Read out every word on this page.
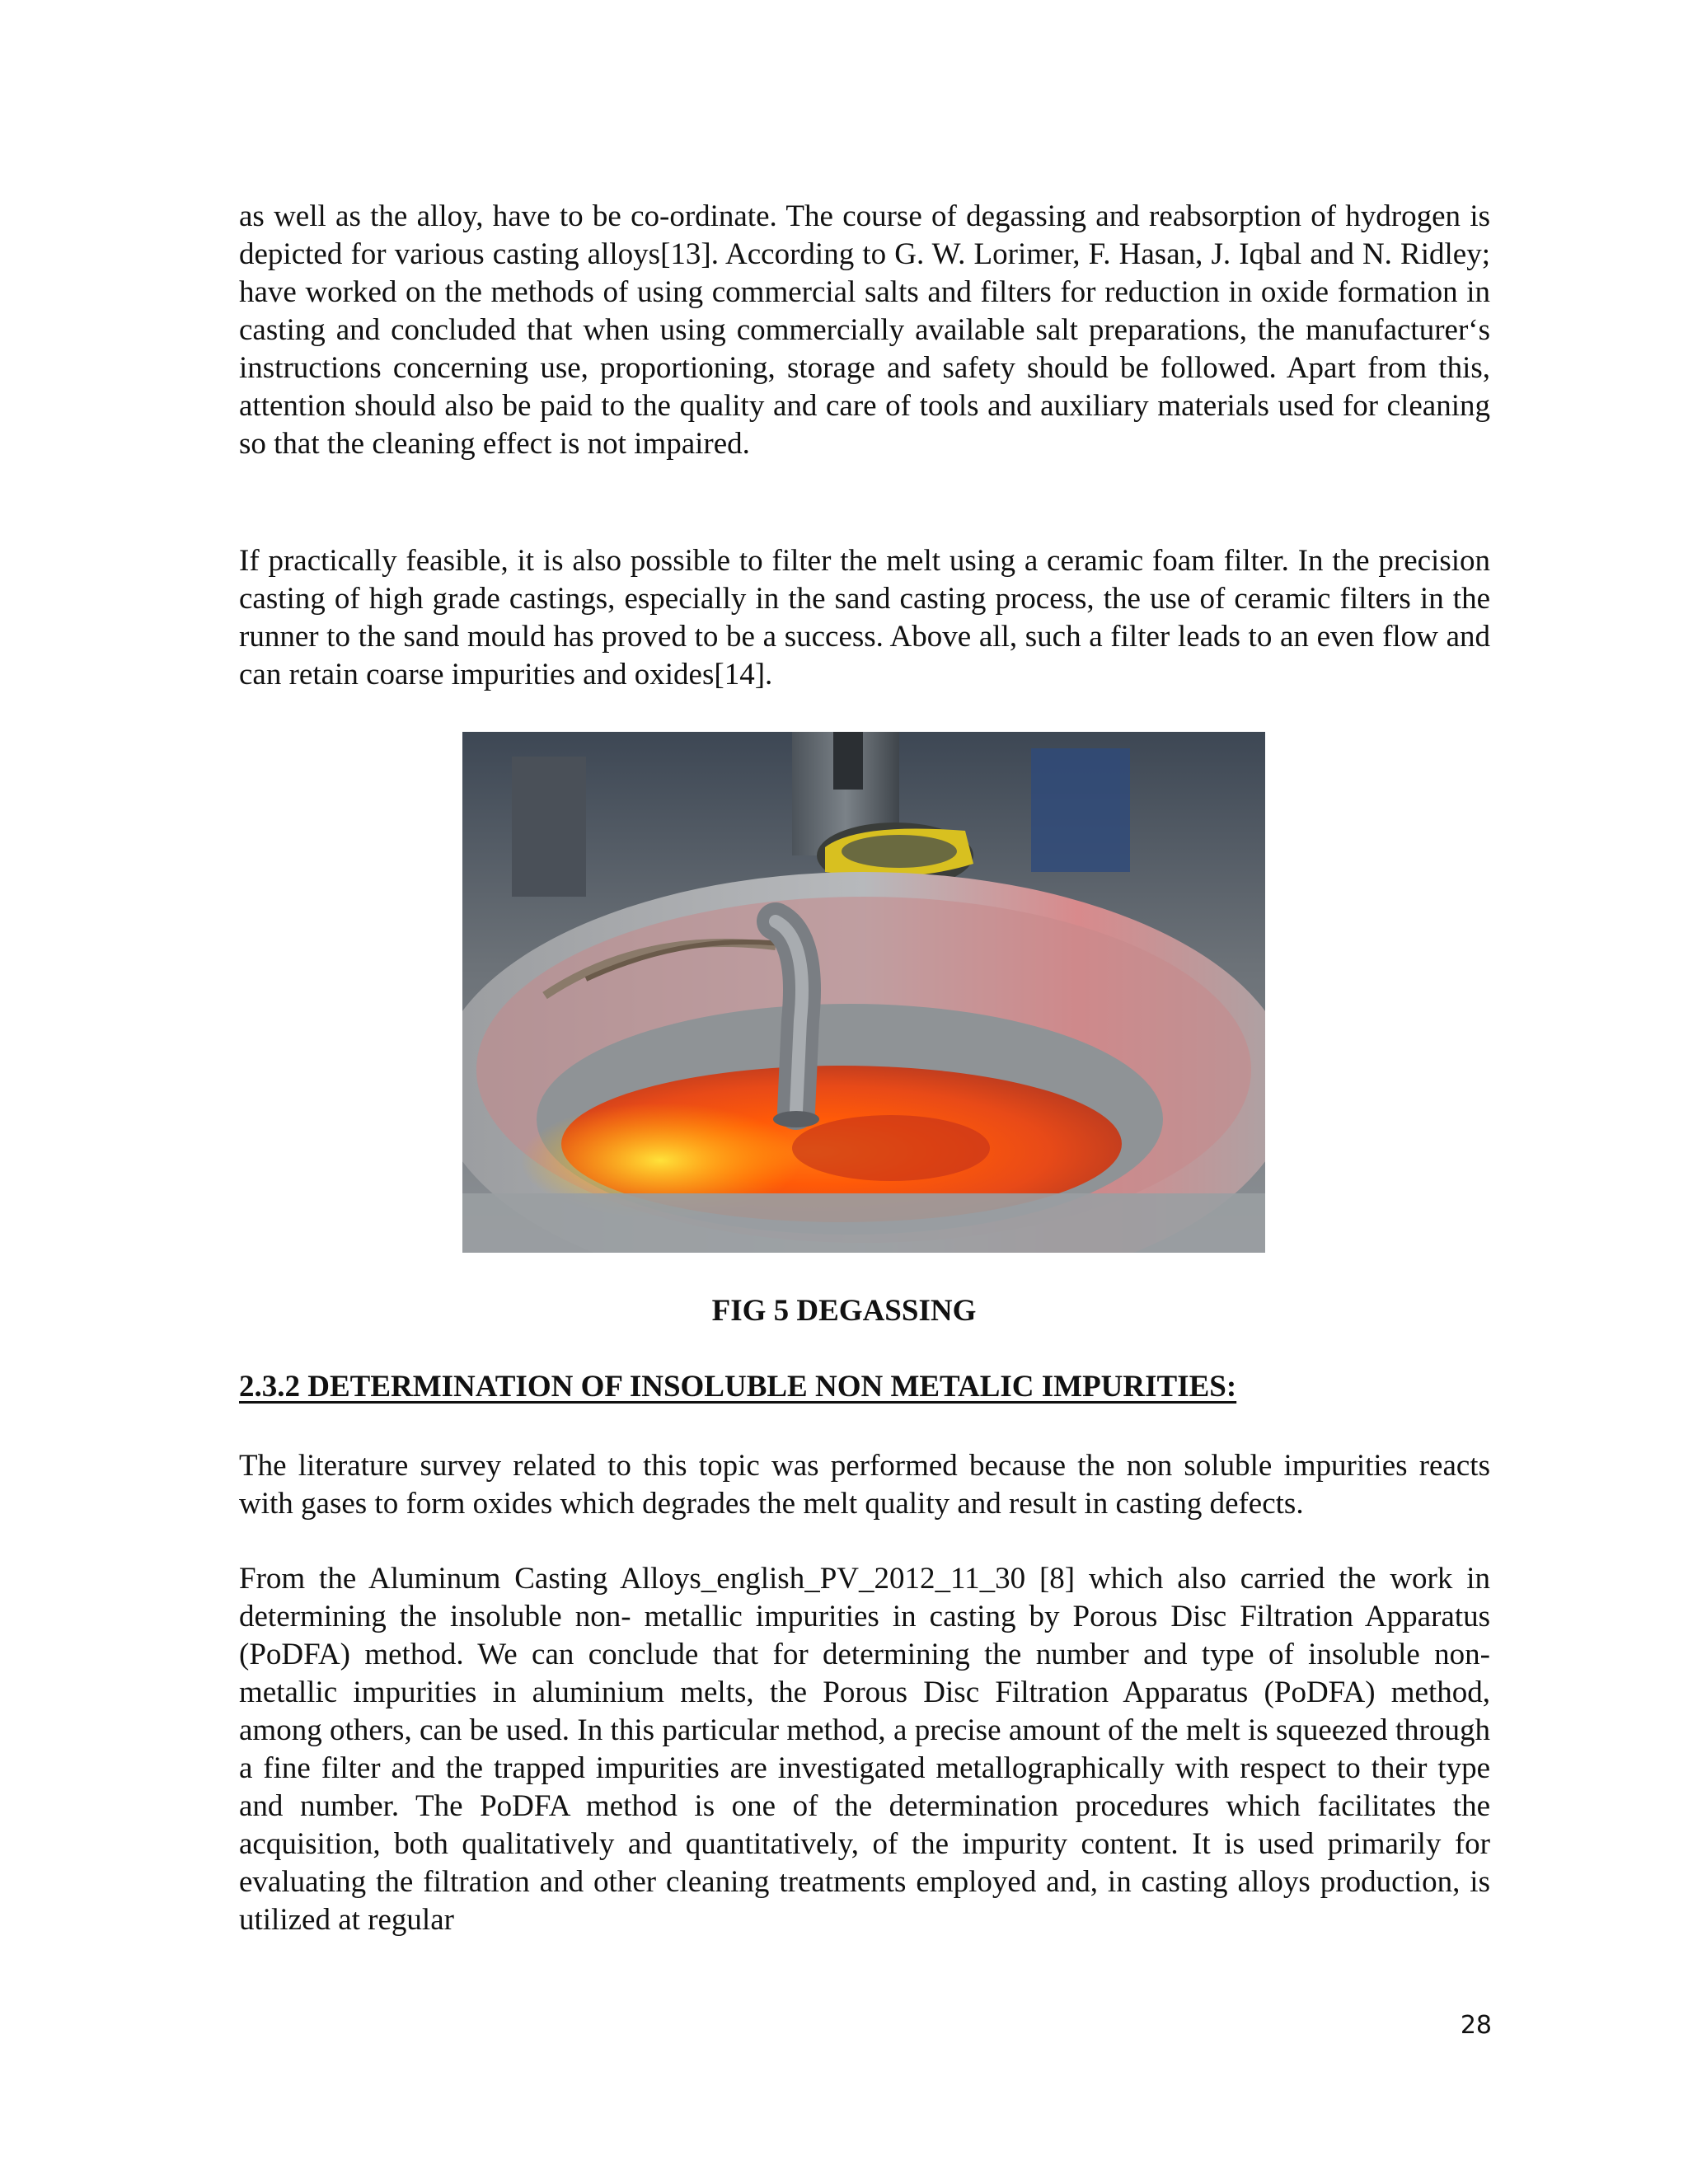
as well as the alloy, have to be co-ordinate. The course of degassing and reabsorption of hydrogen is depicted for various casting alloys[13]. According to G. W. Lorimer, F. Hasan, J. Iqbal and N. Ridley; have worked on the methods of using commercial salts and filters for reduction in oxide formation in casting and concluded that when using commercially available salt preparations, the manufacturer‘s instructions concerning use, proportioning, storage and safety should be followed. Apart from this, attention should also be paid to the quality and care of tools and auxiliary materials used for cleaning so that the cleaning effect is not impaired.

If practically feasible, it is also possible to filter the melt using a ceramic foam filter. In the precision casting of high grade castings, especially in the sand casting process, the use of ceramic filters in the runner to the sand mould has proved to be a success. Above all, such a filter leads to an even flow and can retain coarse impurities and oxides[14].

FIG 5 DEGASSING

2.3.2 DETERMINATION OF INSOLUBLE NON METALIC IMPURITIES:

The literature survey related to this topic was performed because the non soluble impurities reacts with gases to form oxides which degrades the melt quality and result in casting defects.

From the Aluminum Casting Alloys_english_PV_2012_11_30 [8] which also carried the work in determining the insoluble non- metallic impurities in casting by Porous Disc Filtration Apparatus (PoDFA) method. We can conclude that for determining the number and type of insoluble non-metallic impurities in aluminium melts, the Porous Disc Filtration Apparatus (PoDFA) method, among others, can be used. In this particular method, a precise amount of the melt is squeezed through a fine filter and the trapped impurities are investigated metallographically with respect to their type and number. The PoDFA method is one of the determination procedures which facilitates the acquisition, both qualitatively and quantitatively, of the impurity content. It is used primarily for evaluating the filtration and other cleaning treatments employed and, in casting alloys production, is utilized at regular

28
